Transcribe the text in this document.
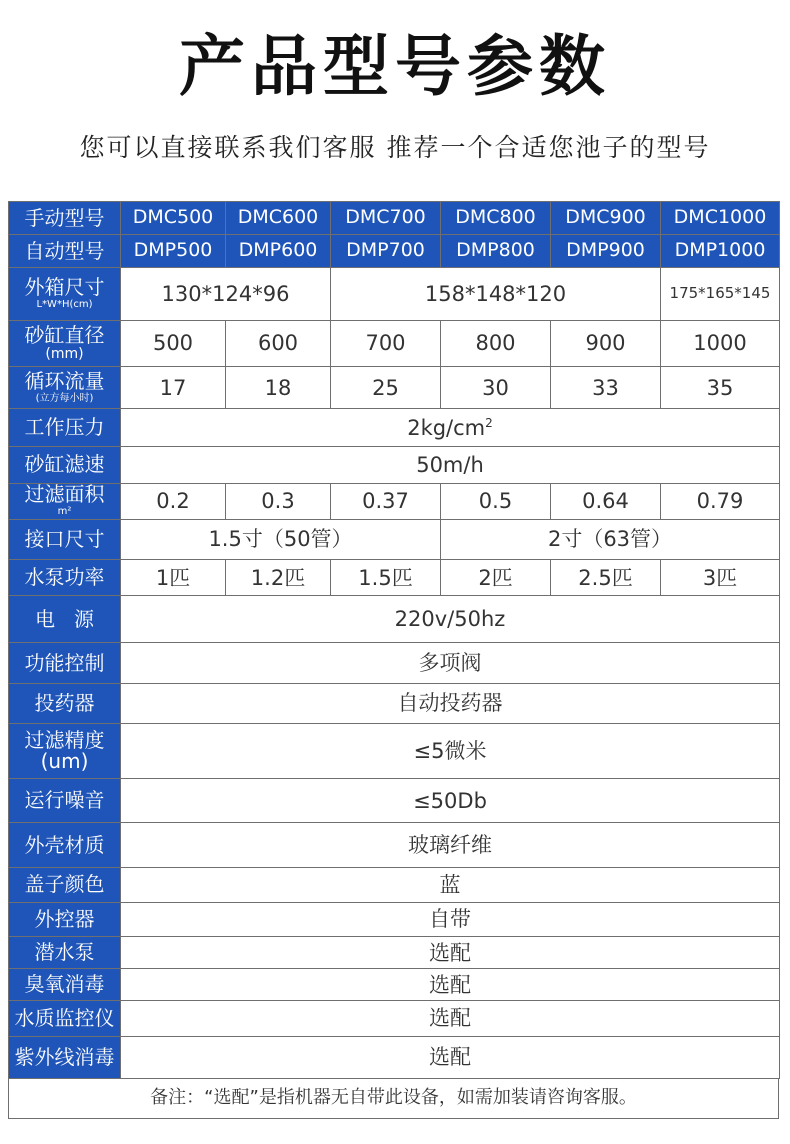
产品型号参数
您可以直接联系我们客服 推荐一个合适您池子的型号
手动型号	DMC500	DMC600	DMC700	DMC800	DMC900	DMC1000
自动型号	DMP500	DMP600	DMP700	DMP800	DMP900	DMP1000

外箱尺寸
L*W*H(cm)	130*124*96		158*148*120			175*165*145

砂缸直径
(mm)	500	600	700	800	900	1000

循环流量
(立方每小时)	17	18	25	30	33	35
工作压力	$2kg/cm^2$
砂缸滤速	50m/h					

过滤面积
m²	0.2	0.3	0.37	0.5	0.64	0.79
接口尺寸	1.5寸（50管）			2寸（63管）		
水泵功率	1匹	1.2匹	1.5匹	2匹	2.5匹	3匹
电   源	220v/50hz					
功能控制	多项阀					
投药器	自动投药器					

过滤精度
(um)	≤5微米					
运行噪音	≤50Db					
外壳材质	玻璃纤维					
盖子颜色	蓝					
外控器	自带					
潜水泵	选配					
臭氧消毒	选配					
水质监控仪	选配					
紫外线消毒	选配					
备注：“选配”是指机器无自带此设备，如需加装请咨询客服。
